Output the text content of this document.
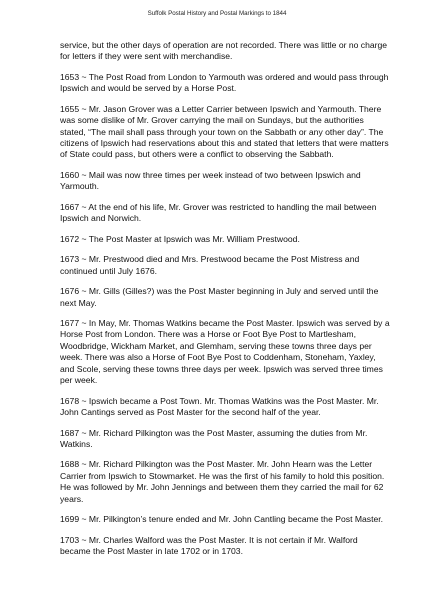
Suffolk Postal History and Postal Markings to 1844

service, but the other days of operation are not recorded. There was little or no charge for letters if they were sent with merchandise.

1653 ~ The Post Road from London to Yarmouth was ordered and would pass through Ipswich and would be served by a Horse Post.

1655 ~ Mr. Jason Grover was a Letter Carrier between Ipswich and Yarmouth. There was some dislike of Mr. Grover carrying the mail on Sundays, but the authorities stated, “The mail shall pass through your town on the Sabbath or any other day”. The citizens of Ipswich had reservations about this and stated that letters that were matters of State could pass, but others were a conflict to observing the Sabbath.

1660 ~ Mail was now three times per week instead of two between Ipswich and Yarmouth.

1667 ~ At the end of his life, Mr. Grover was restricted to handling the mail between Ipswich and Norwich.

1672 ~ The Post Master at Ipswich was Mr. William Prestwood.

1673 ~ Mr. Prestwood died and Mrs. Prestwood became the Post Mistress and continued until July 1676.

1676 ~ Mr. Gills (Gilles?) was the Post Master beginning in July and served until the next May.

1677 ~ In May, Mr. Thomas Watkins became the Post Master. Ipswich was served by a Horse Post from London. There was a Horse or Foot Bye Post to Martlesham, Woodbridge, Wickham Market, and Glemham, serving these towns three days per week. There was also a Horse of Foot Bye Post to Coddenham, Stoneham, Yaxley, and Scole, serving these towns three days per week. Ipswich was served three times per week.

1678 ~ Ipswich became a Post Town. Mr. Thomas Watkins was the Post Master. Mr. John Cantings served as Post Master for the second half of the year.

1687 ~ Mr. Richard Pilkington was the Post Master, assuming the duties from Mr. Watkins.

1688 ~ Mr. Richard Pilkington was the Post Master. Mr. John Hearn was the Letter Carrier from Ipswich to Stowmarket. He was the first of his family to hold this position. He was followed by Mr. John Jennings and between them they carried the mail for 62 years.

1699 ~ Mr. Pilkington’s tenure ended and Mr. John Cantling became the Post Master.

1703 ~ Mr. Charles Walford was the Post Master. It is not certain if Mr. Walford became the Post Master in late 1702 or in 1703.
